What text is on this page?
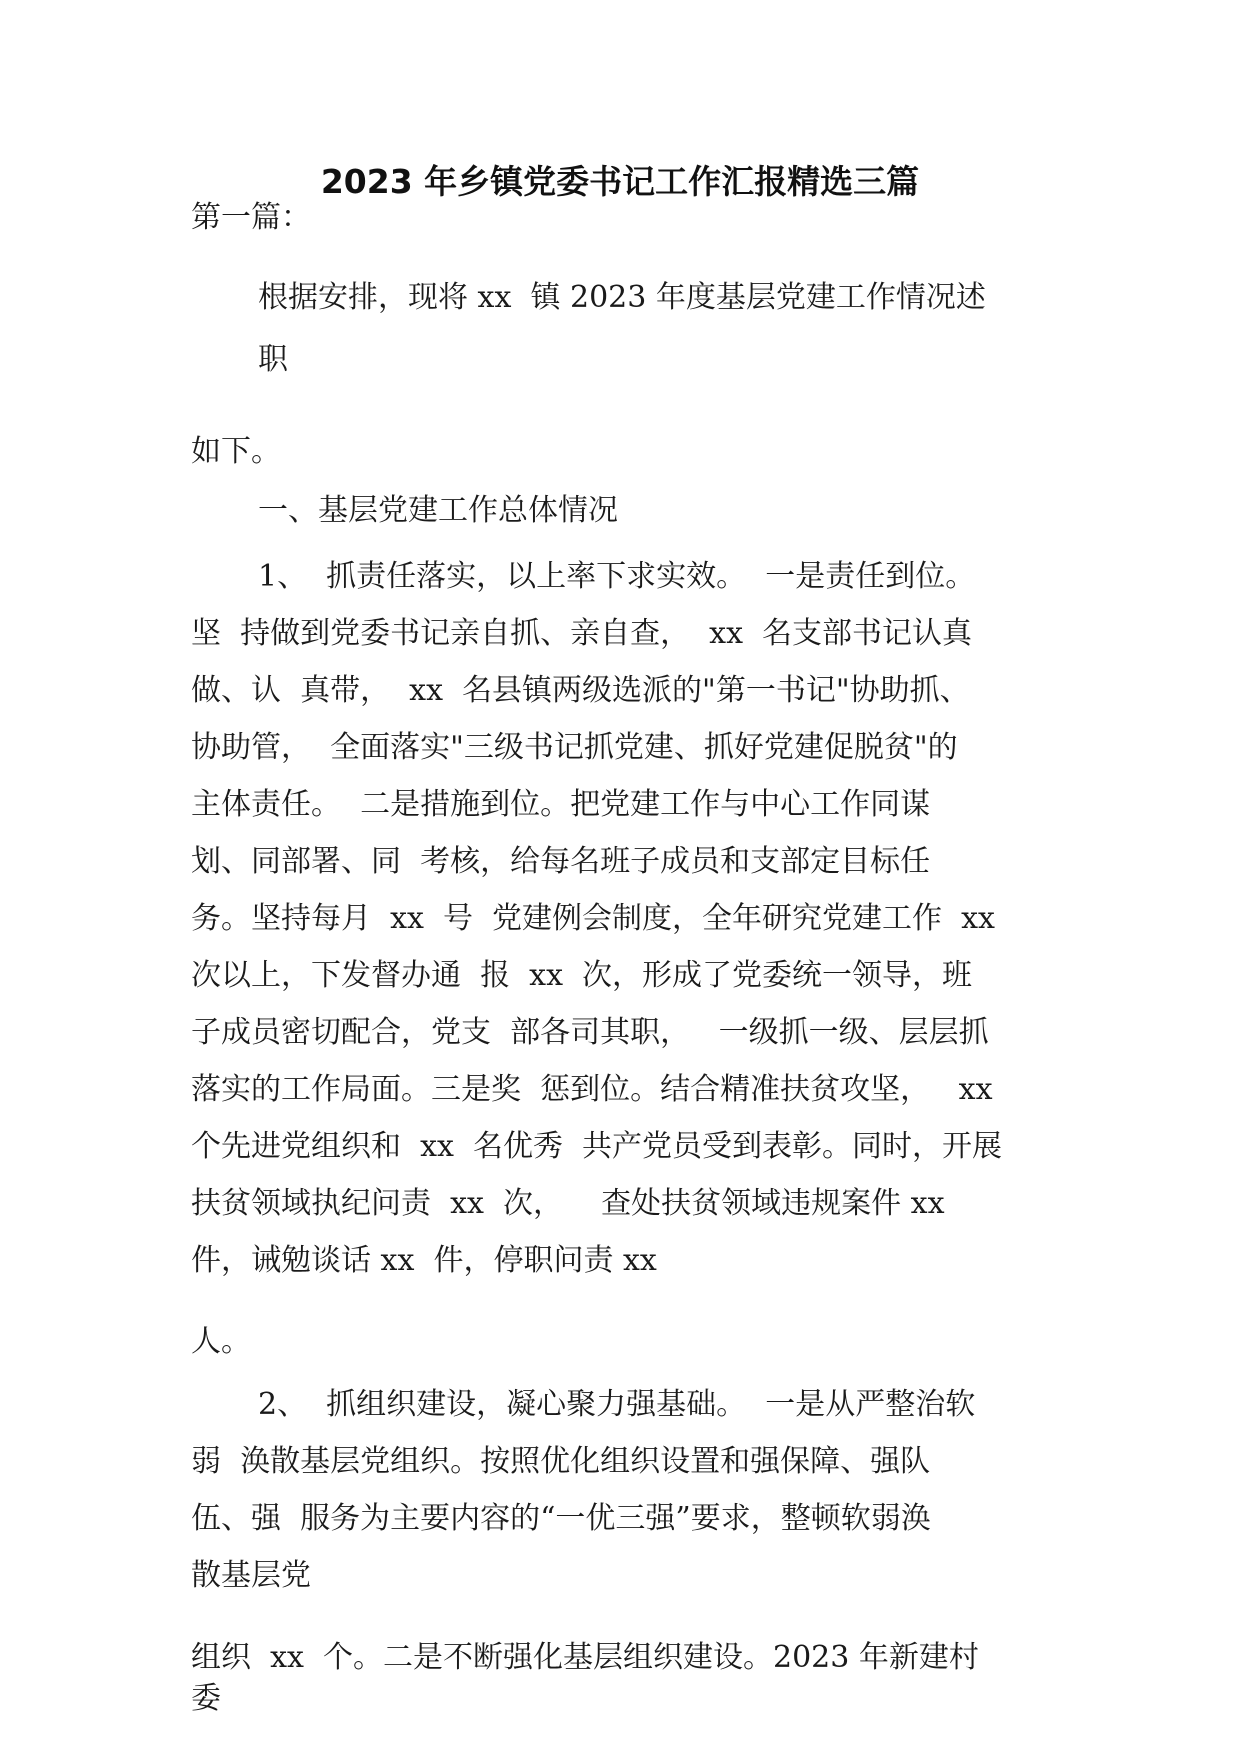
2023 年乡镇党委书记工作汇报精选三篇
第一篇：
根据安排，现将 xx  镇 2023 年度基层党建工作情况述
职
如下。
一、基层党建工作总体情况
1、  抓责任落实，以上率下求实效。  一是责任到位。
坚  持做到党委书记亲自抓、亲自查，  xx  名支部书记认真
做、认  真带，  xx  名县镇两级选派的"第一书记"协助抓、
协助管，  全面落实"三级书记抓党建、抓好党建促脱贫"的
主体责任。  二是措施到位。把党建工作与中心工作同谋
划、同部署、同  考核，给每名班子成员和支部定目标任
务。坚持每月  xx  号  党建例会制度，全年研究党建工作  xx
次以上，下发督办通  报  xx  次，形成了党委统一领导，班
子成员密切配合，党支  部各司其职，   一级抓一级、层层抓
落实的工作局面。三是奖  惩到位。结合精准扶贫攻坚，   xx
个先进党组织和  xx  名优秀  共产党员受到表彰。同时，开展
扶贫领域执纪问责  xx  次，    查处扶贫领域违规案件 xx
件，诫勉谈话 xx  件，停职问责 xx
人。
2、  抓组织建设，凝心聚力强基础。  一是从严整治软
弱  涣散基层党组织。按照优化组织设置和强保障、强队
伍、强  服务为主要内容的“一优三强”要求，整顿软弱涣
散基层党
组织  xx  个。二是不断强化基层组织建设。2023 年新建村
委
